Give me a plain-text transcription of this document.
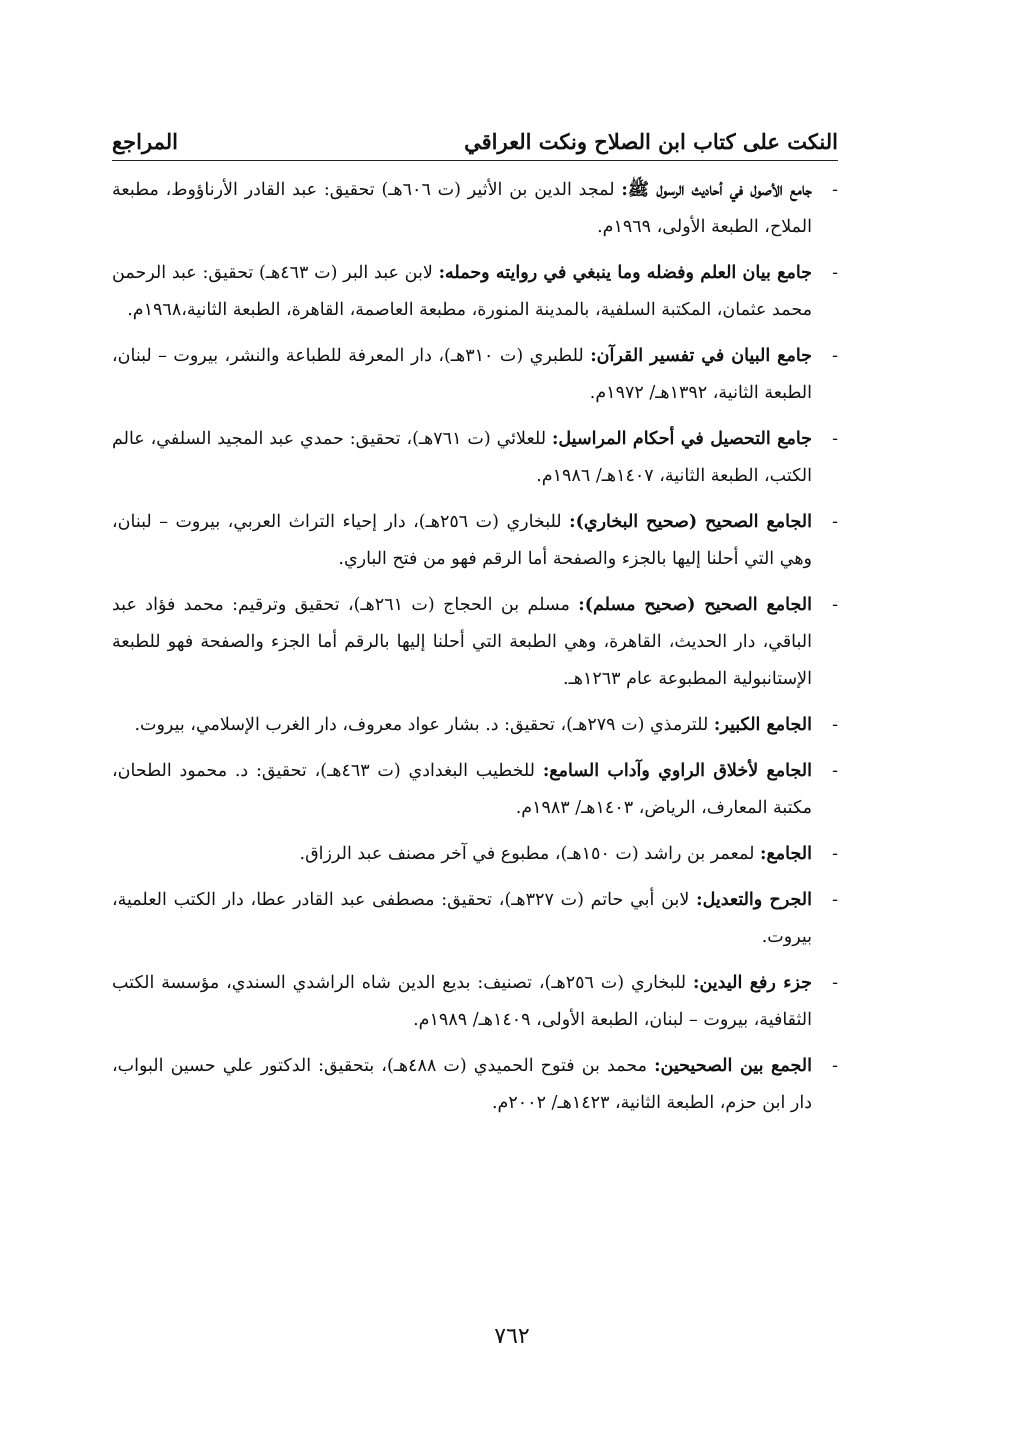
النكت على كتاب ابن الصلاح ونكت العراقي
المراجع
-
جامع الأصول في أحاديث الرسول ﷺ: لمجد الدين بن الأثير (ت ٦٠٦هـ) تحقيق: عبد القادر الأرناؤوط، مطبعة الملاح، الطبعة الأولى، ١٩٦٩م.
-
جامع بيان العلم وفضله وما ينبغي في روايته وحمله: لابن عبد البر (ت ٤٦٣هـ) تحقيق: عبد الرحمن محمد عثمان، المكتبة السلفية، بالمدينة المنورة، مطبعة العاصمة، القاهرة، الطبعة الثانية،١٩٦٨م.
-
جامع البيان في تفسير القرآن: للطبري (ت ٣١٠هـ)، دار المعرفة للطباعة والنشر، بيروت – لبنان، الطبعة الثانية، ١٣٩٢هـ/ ١٩٧٢م.
-
جامع التحصيل في أحكام المراسيل: للعلائي (ت ٧٦١هـ)، تحقيق: حمدي عبد المجيد السلفي، عالم الكتب، الطبعة الثانية، ١٤٠٧هـ/ ١٩٨٦م.
-
الجامع الصحيح (صحيح البخاري): للبخاري (ت ٢٥٦هـ)، دار إحياء التراث العربي، بيروت – لبنان، وهي التي أحلنا إليها بالجزء والصفحة أما الرقم فهو من فتح الباري.
-
الجامع الصحيح (صحيح مسلم): مسلم بن الحجاج (ت ٢٦١هـ)، تحقيق وترقيم: محمد فؤاد عبد الباقي، دار الحديث، القاهرة، وهي الطبعة التي أحلنا إليها بالرقم أما الجزء والصفحة فهو للطبعة الإستانبولية المطبوعة عام ١٢٦٣هـ.
-
الجامع الكبير: للترمذي (ت ٢٧٩هـ)، تحقيق: د. بشار عواد معروف، دار الغرب الإسلامي، بيروت.
-
الجامع لأخلاق الراوي وآداب السامع: للخطيب البغدادي (ت ٤٦٣هـ)، تحقيق: د. محمود الطحان، مكتبة المعارف، الرياض، ١٤٠٣هـ/ ١٩٨٣م.
-
الجامع: لمعمر بن راشد (ت ١٥٠هـ)، مطبوع في آخر مصنف عبد الرزاق.
-
الجرح والتعديل: لابن أبي حاتم (ت ٣٢٧هـ)، تحقيق: مصطفى عبد القادر عطا، دار الكتب العلمية، بيروت.
-
جزء رفع اليدين: للبخاري (ت ٢٥٦هـ)، تصنيف: بديع الدين شاه الراشدي السندي، مؤسسة الكتب الثقافية، بيروت – لبنان، الطبعة الأولى، ١٤٠٩هـ/ ١٩٨٩م.
-
الجمع بين الصحيحين: محمد بن فتوح الحميدي (ت ٤٨٨هـ)، بتحقيق: الدكتور علي حسين البواب، دار ابن حزم، الطبعة الثانية، ١٤٢٣هـ/ ٢٠٠٢م.
٧٦٢
